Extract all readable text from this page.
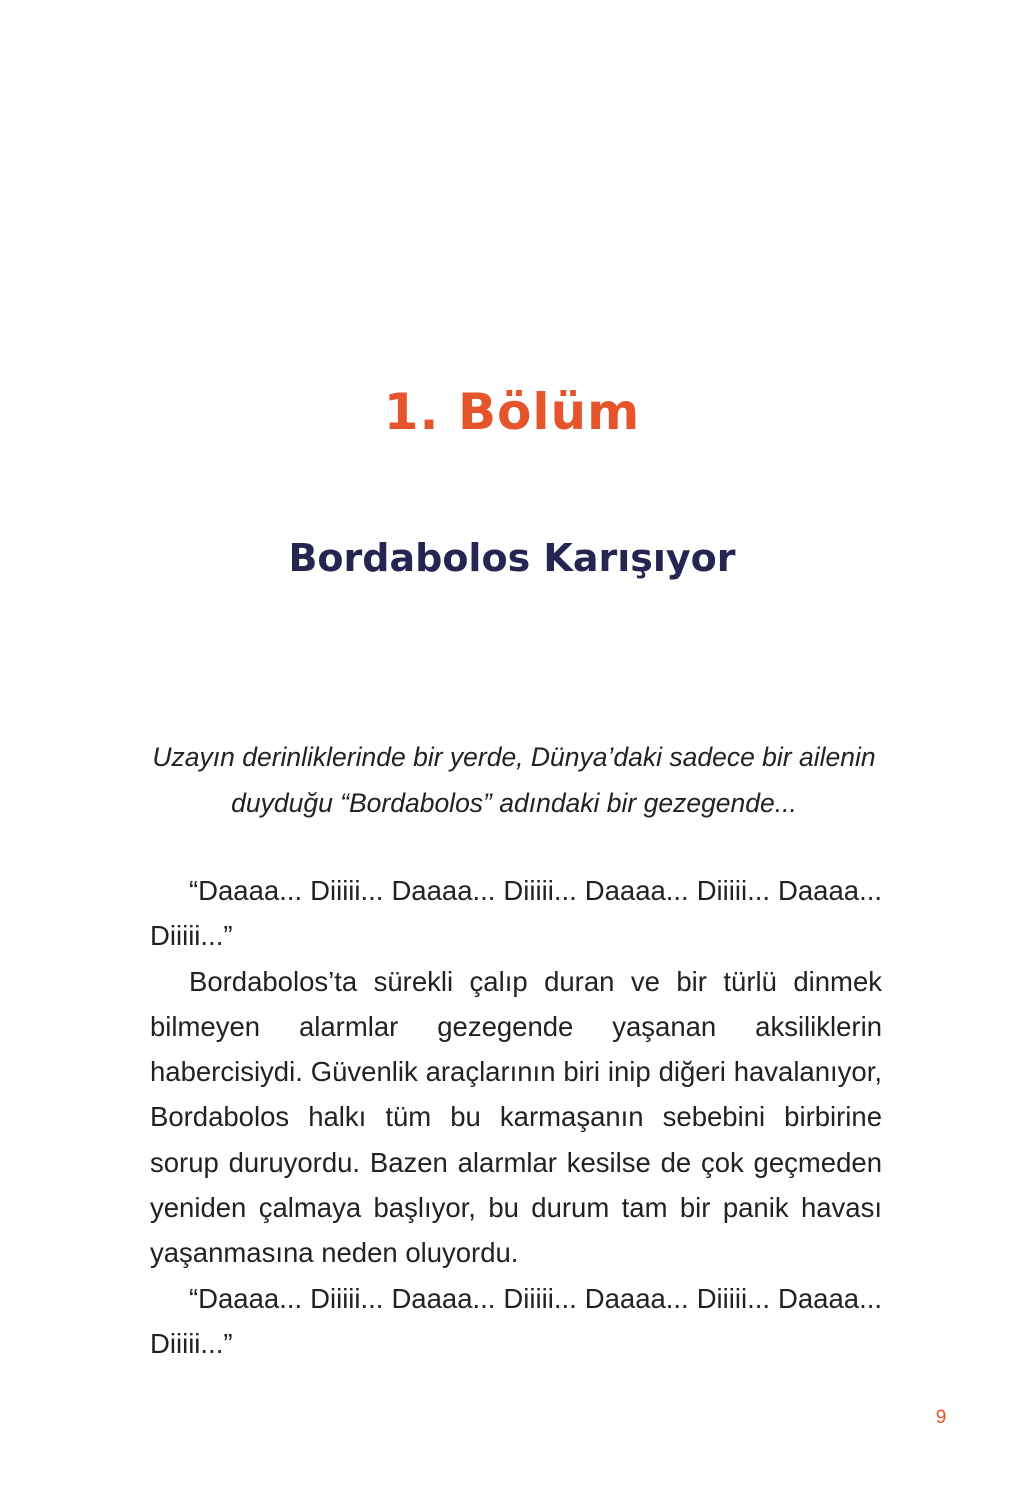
1. Bölüm
Bordabolos Karışıyor
Uzayın derinliklerinde bir yerde, Dünya’daki sadece bir ailenin duyduğu “Bordabolos” adındaki bir gezegende...

“Daaaa... Diiiii... Daaaa... Diiiii... Daaaa... Diiiii... Daaaa... Diiiii...”

Bordabolos’ta sürekli çalıp duran ve bir türlü dinmek bilmeyen alarmlar gezegende yaşanan aksiliklerin habercisiydi. Güvenlik araçlarının biri inip diğeri havalanıyor, Bordabolos halkı tüm bu karmaşanın sebebini birbirine sorup duruyordu. Bazen alarmlar kesilse de çok geçmeden yeniden çalmaya başlıyor, bu durum tam bir panik havası yaşanmasına neden oluyordu.

“Daaaa... Diiiii... Daaaa... Diiiii... Daaaa... Diiiii... Daaaa... Diiiii...”

9
